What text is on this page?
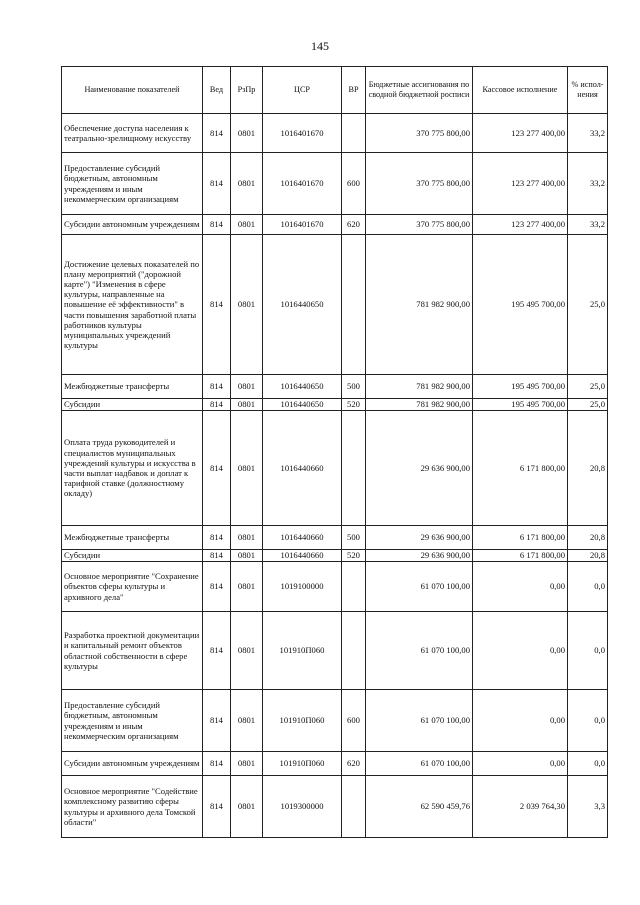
145
Наименование показателей	Вед	РзПр	ЦСР	ВР	Бюджетные ассигнования по сводной бюджетной росписи	Кассовое исполнение	% испол-нения
Обеспечение доступа населения к театрально-зрелищному искусству	814	0801	1016401670		370 775 800,00	123 277 400,00	33,2
Предоставление субсидий бюджетным, автономным учреждениям и иным некоммерческим организациям	814	0801	1016401670	600	370 775 800,00	123 277 400,00	33,2
Субсидии автономным учреждениям	814	0801	1016401670	620	370 775 800,00	123 277 400,00	33,2
Достижение целевых показателей по плану мероприятий ("дорожной карте") "Изменения в сфере культуры, направленные на повышение её эффективности" в части повышения заработной платы работников культуры муниципальных учреждений культуры	814	0801	1016440650		781 982 900,00	195 495 700,00	25,0
Межбюджетные трансферты	814	0801	1016440650	500	781 982 900,00	195 495 700,00	25,0
Субсидии	814	0801	1016440650	520	781 982 900,00	195 495 700,00	25,0
Оплата труда руководителей и специалистов муниципальных учреждений культуры и искусства в части выплат надбавок и доплат к тарифной ставке (должностному окладу)	814	0801	1016440660		29 636 900,00	6 171 800,00	20,8
Межбюджетные трансферты	814	0801	1016440660	500	29 636 900,00	6 171 800,00	20,8
Субсидии	814	0801	1016440660	520	29 636 900,00	6 171 800,00	20,8
Основное мероприятие "Сохранение объектов сферы культуры и архивного дела"	814	0801	1019100000		61 070 100,00	0,00	0,0
Разработка проектной документации и капитальный ремонт объектов областной собственности в сфере культуры	814	0801	101910П060		61 070 100,00	0,00	0,0
Предоставление субсидий бюджетным, автономным учреждениям и иным некоммерческим организациям	814	0801	101910П060	600	61 070 100,00	0,00	0,0
Субсидии автономным учреждениям	814	0801	101910П060	620	61 070 100,00	0,00	0,0
Основное мероприятие "Содействие комплексному развитию сферы культуры и архивного дела Томской области"	814	0801	1019300000		62 590 459,76	2 039 764,30	3,3
